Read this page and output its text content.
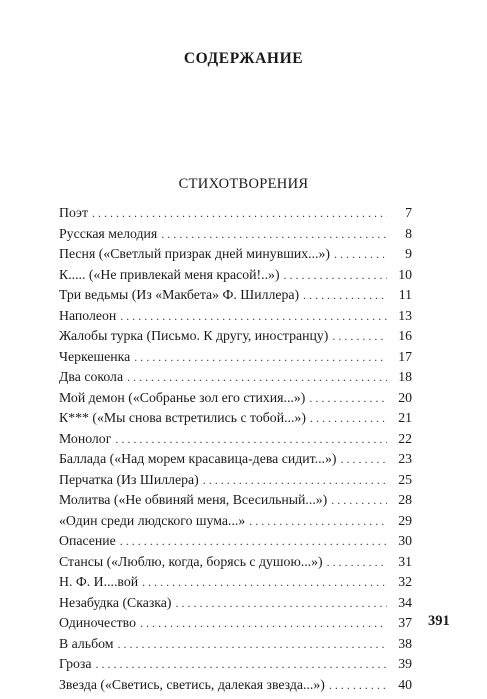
СОДЕРЖАНИЕ
СТИХОТВОРЕНИЯ
Поэт . . .	7
Русская мелодия . . .	8
Песня («Светлый призрак дней минувших...») . . .	9
К..... («Не привлекай меня красой!..») . . .	10
Три ведьмы (Из «Макбета» Ф. Шиллера) . . .	11
Наполеон . . .	13
Жалобы турка (Письмо. К другу, иностранцу) . . .	16
Черкешенка . . .	17
Два сокола . . .	18
Мой демон («Собранье зол его стихия...») . . .	20
К*** («Мы снова встретились с тобой...») . . .	21
Монолог . . .	22
Баллада («Над морем красавица-дева сидит...») . . .	23
Перчатка (Из Шиллера) . . .	25
Молитва («Не обвиняй меня, Всесильный...») . . .	28
«Один среди людского шума...» . . .	29
Опасение . . .	30
Стансы («Люблю, когда, борясь с душою...») . . .	31
Н. Ф. И....вой . . .	32
Незабудка (Сказка) . . .	34
Одиночество . . .	37
В альбом . . .	38
Гроза . . .	39
Звезда («Светись, светись, далекая звезда...») . . .	40
391
